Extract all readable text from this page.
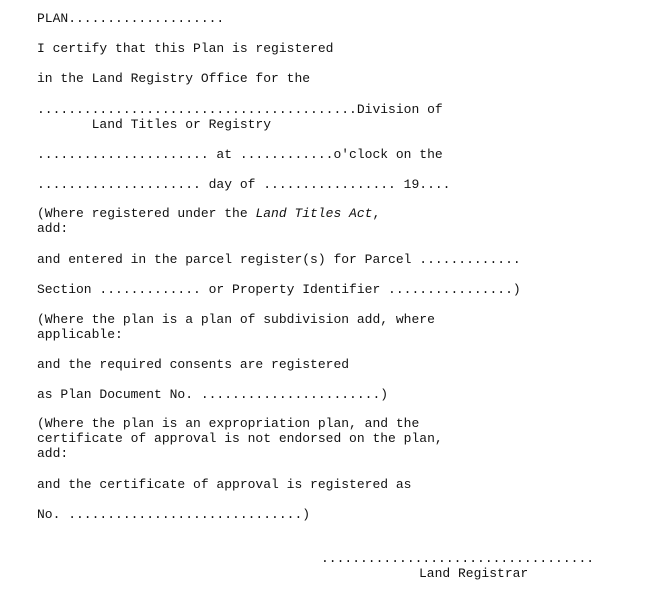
PLAN....................

I certify that this Plan is registered

in the Land Registry Office for the

.........................................Division of

Land Titles or Registry

...................... at ............o'clock on the

..................... day of ................. 19....

(Where registered under the Land Titles Act,

add:

and entered in the parcel register(s) for Parcel .............

Section ............. or Property Identifier ................)

(Where the plan is a plan of subdivision add, where

applicable:

and the required consents are registered

as Plan Document No. .......................)

(Where the plan is an expropriation plan, and the

certificate of approval is not endorsed on the plan,

add:

and the certificate of approval is registered as

No. ..............................)

...................................

Land Registrar
